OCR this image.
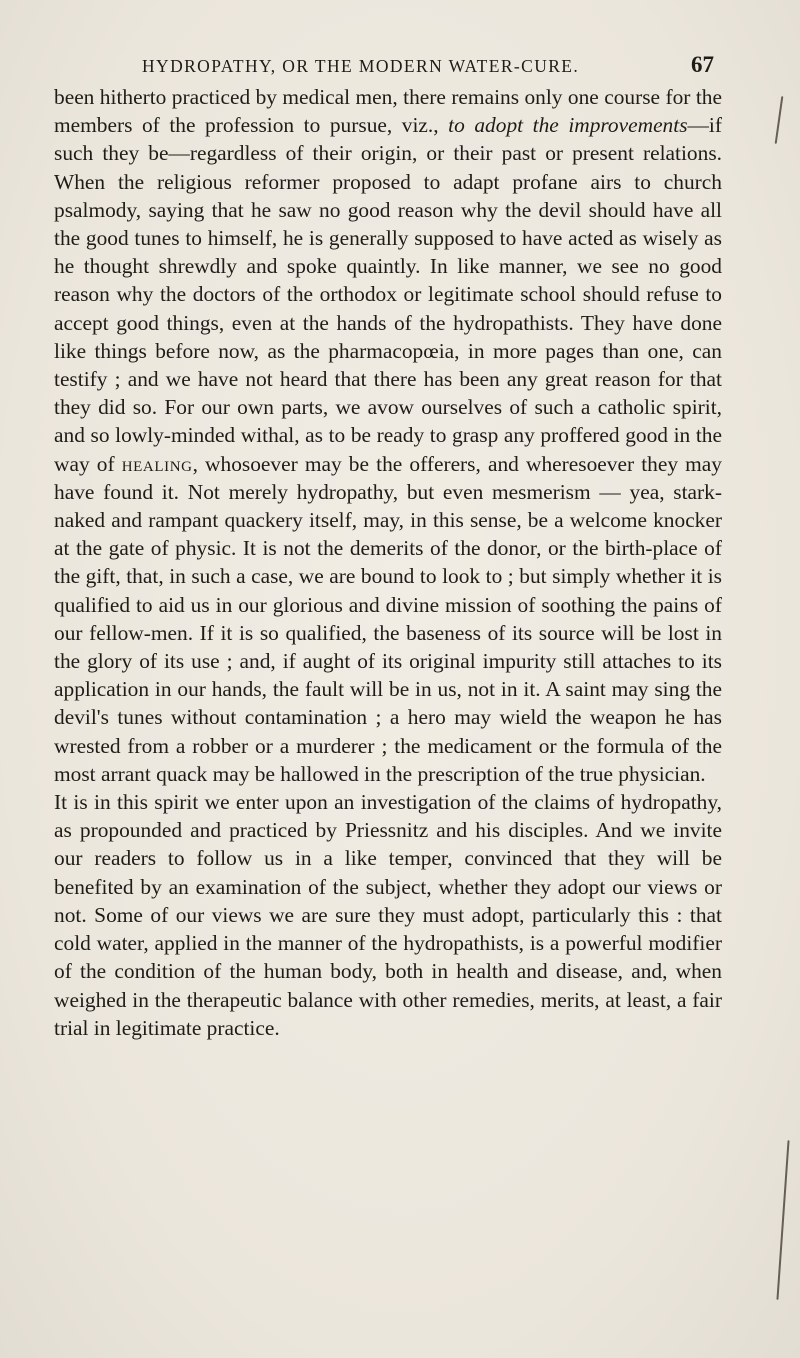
HYDROPATHY, OR THE MODERN WATER-CURE.	67

been hitherto practiced by medical men, there remains only one course for the members of the profession to pursue, viz., to adopt the improvements—if such they be—regardless of their origin, or their past or present relations. When the religious reformer proposed to adapt profane airs to church psalmody, saying that he saw no good reason why the devil should have all the good tunes to himself, he is generally supposed to have acted as wisely as he thought shrewdly and spoke quaintly. In like manner, we see no good reason why the doctors of the orthodox or legitimate school should refuse to accept good things, even at the hands of the hydropathists. They have done like things before now, as the pharmacopœia, in more pages than one, can testify ; and we have not heard that there has been any great reason for that they did so. For our own parts, we avow ourselves of such a catholic spirit, and so lowly-minded withal, as to be ready to grasp any proffered good in the way of healing, whosoever may be the offerers, and wheresoever they may have found it. Not merely hydropathy, but even mesmerism — yea, stark-naked and rampant quackery itself, may, in this sense, be a welcome knocker at the gate of physic. It is not the demerits of the donor, or the birth-place of the gift, that, in such a case, we are bound to look to ; but simply whether it is qualified to aid us in our glorious and divine mission of soothing the pains of our fellow-men. If it is so qualified, the baseness of its source will be lost in the glory of its use ; and, if aught of its original impurity still attaches to its application in our hands, the fault will be in us, not in it. A saint may sing the devil's tunes without contamination ; a hero may wield the weapon he has wrested from a robber or a murderer ; the medicament or the formula of the most arrant quack may be hallowed in the prescription of the true physician.

It is in this spirit we enter upon an investigation of the claims of hydropathy, as propounded and practiced by Priessnitz and his disciples. And we invite our readers to follow us in a like temper, convinced that they will be benefited by an examination of the subject, whether they adopt our views or not. Some of our views we are sure they must adopt, particularly this : that cold water, applied in the manner of the hydropathists, is a powerful modifier of the condition of the human body, both in health and disease, and, when weighed in the therapeutic balance with other remedies, merits, at least, a fair trial in legitimate practice.
